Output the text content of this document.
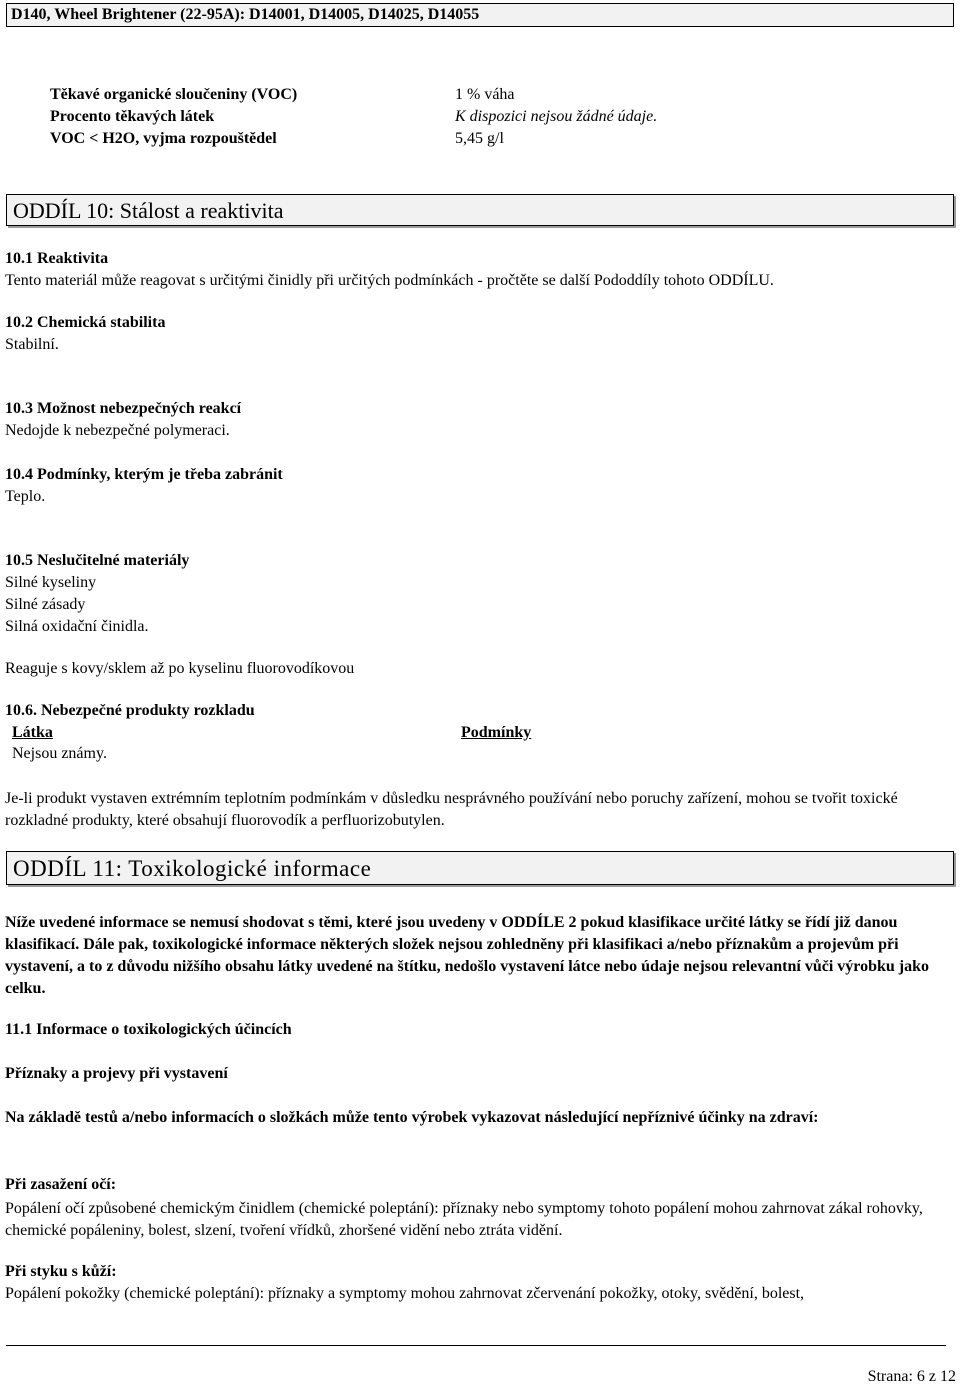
D140, Wheel Brightener (22-95A): D14001, D14005, D14025, D14055
Těkavé organické sloučeniny (VOC)	1 % váha
Procento těkavých látek	K dispozici nejsou žádné údaje.
VOC < H2O, vyjma rozpouštědel	5,45 g/l
ODDÍL 10: Stálost a reaktivita
10.1 Reaktivita
Tento materiál může reagovat s určitými činidly při určitých podmínkách - pročtěte se další Pododdíly tohoto ODDÍLU.
10.2 Chemická stabilita
Stabilní.
10.3 Možnost nebezpečných reakcí
Nedojde k nebezpečné polymeraci.
10.4 Podmínky, kterým je třeba zabránit
Teplo.
10.5 Neslučitelné materiály
Silné kyseliny
Silné zásady
Silná oxidační činidla.
Reaguje s kovy/sklem až po kyselinu fluorovodíkovou
10.6. Nebezpečné produkty rozkladu
Látka	Podmínky
Nejsou známy.
Je-li produkt vystaven extrémním teplotním podmínkám v důsledku nesprávného používání nebo poruchy zařízení, mohou se tvořit toxické rozkladné produkty, které obsahují fluorovodík a perfluorizobutylen.
ODDÍL 11: Toxikologické informace
Níže uvedené informace se nemusí shodovat s těmi, které jsou uvedeny v ODDÍLE 2 pokud klasifikace určité látky se řídí již danou klasifikací. Dále pak, toxikologické informace některých složek nejsou zohledněny při klasifikaci a/nebo příznakům a projevům při vystavení, a to z důvodu nižšího obsahu látky uvedené na štítku, nedošlo vystavení látce nebo údaje nejsou relevantní vůči výrobku jako celku.
11.1 Informace o toxikologických účincích
Příznaky a projevy při vystavení
Na základě testů a/nebo informacích o složkách může tento výrobek vykazovat následující nepříznivé účinky na zdraví:
Při zasažení očí:
Popálení očí způsobené chemickým činidlem (chemické poleptání): příznaky nebo symptomy tohoto popálení mohou zahrnovat zákal rohovky, chemické popáleniny, bolest, slzení, tvoření vřídků, zhoršené vidění nebo ztráta vidění.
Při styku s kůží:
Popálení pokožky (chemické poleptání): příznaky a symptomy mohou zahrnovat zčervenání pokožky, otoky, svědění, bolest,
Strana: 6 z 12
